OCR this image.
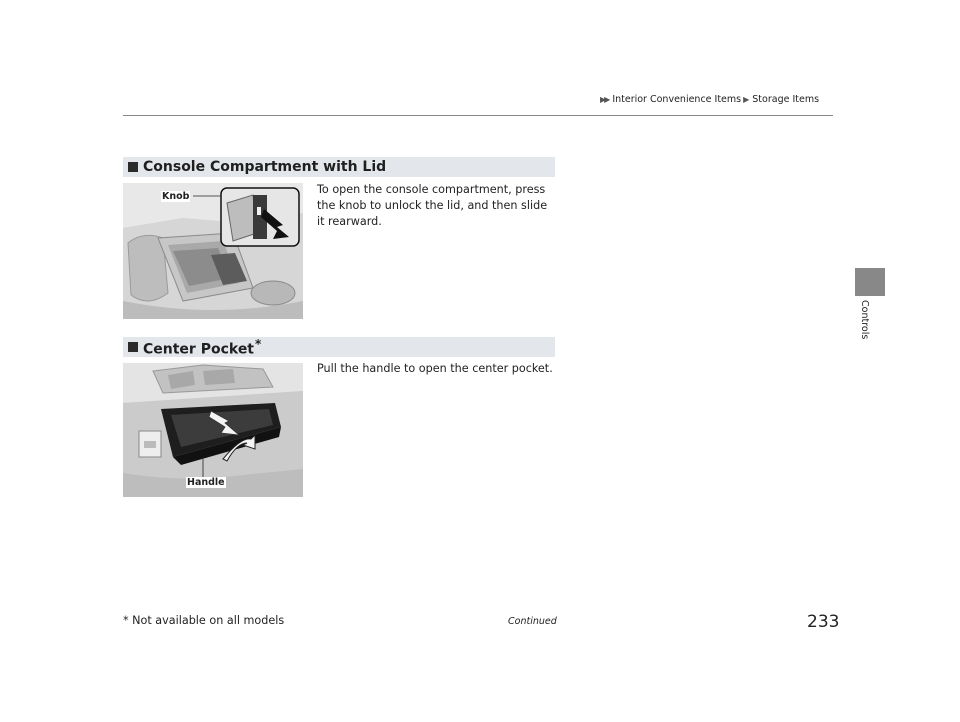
▶▶ Interior Convenience Items ▶ Storage Items
Controls
Console Compartment with Lid
Knob
To open the console compartment, press the knob to unlock the lid, and then slide it rearward.
Center Pocket*
Handle
Pull the handle to open the center pocket.
* Not available on all models	Continued	233
